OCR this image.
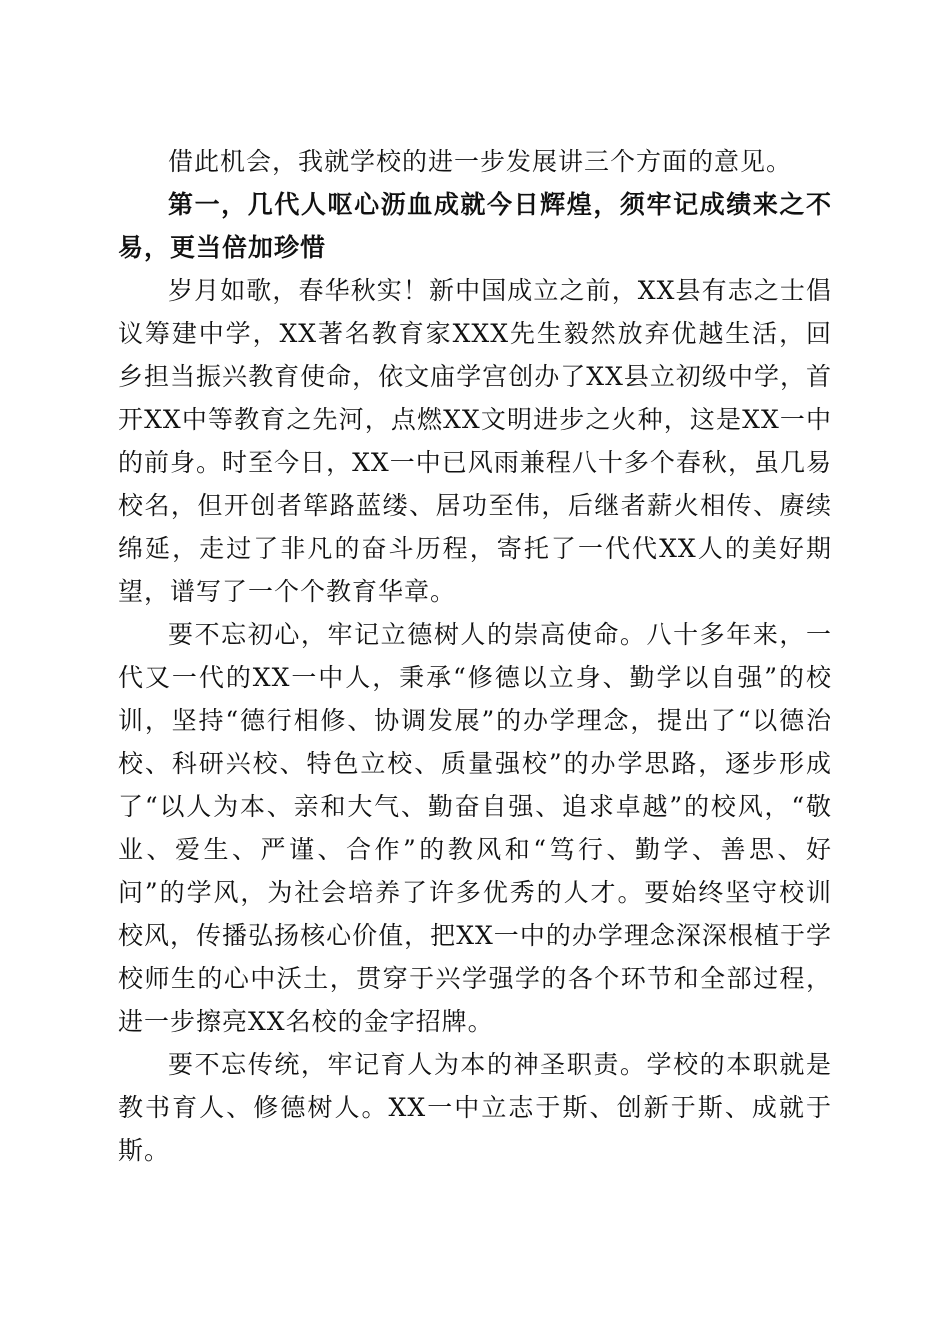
借此机会，我就学校的进一步发展讲三个方面的意见。

第一，几代人呕心沥血成就今日辉煌，须牢记成绩来之不易，更当倍加珍惜

岁月如歌，春华秋实！新中国成立之前，XX县有志之士倡议筹建中学，XX著名教育家XXX先生毅然放弃优越生活，回乡担当振兴教育使命，依文庙学宫创办了XX县立初级中学，首开XX中等教育之先河，点燃XX文明进步之火种，这是XX一中的前身。时至今日，XX一中已风雨兼程八十多个春秋，虽几易校名，但开创者筚路蓝缕、居功至伟，后继者薪火相传、赓续绵延，走过了非凡的奋斗历程，寄托了一代代XX人的美好期望，谱写了一个个教育华章。

要不忘初心，牢记立德树人的崇高使命。八十多年来，一代又一代的XX一中人，秉承“修德以立身、勤学以自强”的校训，坚持“德行相修、协调发展”的办学理念，提出了“以德治校、科研兴校、特色立校、质量强校”的办学思路，逐步形成了“以人为本、亲和大气、勤奋自强、追求卓越”的校风，“敬业、爱生、严谨、合作”的教风和“笃行、勤学、善思、好问”的学风，为社会培养了许多优秀的人才。要始终坚守校训校风，传播弘扬核心价值，把XX一中的办学理念深深根植于学校师生的心中沃土，贯穿于兴学强学的各个环节和全部过程，进一步擦亮XX名校的金字招牌。

要不忘传统，牢记育人为本的神圣职责。学校的本职就是教书育人、修德树人。XX一中立志于斯、创新于斯、成就于斯。
